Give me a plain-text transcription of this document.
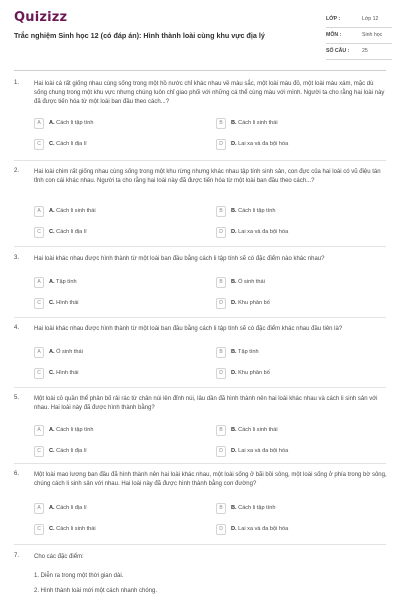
Quizizz
Trắc nghiệm Sinh học 12 (có đáp án): Hình thành loài cùng khu vực địa lý
LỚP :	Lớp 12
MÔN :	Sinh học
SỐ CÂU : 25
1. Hai loài cá rất giống nhau cùng sống trong một hồ nước chỉ khác nhau về màu sắc, một loài màu đỏ, một loài màu xám, mặc dù sống chung trong một khu vực nhưng chúng luôn chỉ giao phối với những cá thể cùng màu với mình. Người ta cho rằng hai loài này đã được tiến hóa từ một loài ban đầu theo cách...?
A	A. Cách li tập tính	B	B. Cách li sinh thái
C	C. Cách li địa lí	D	D. Lai xa và đa bội hóa
2. Hai loài chim rất giống nhau cùng sống trong một khu rừng nhưng khác nhau tập tính sinh sản, con đực của hai loài có vũ điệu tán tỉnh con cái khác nhau. Người ta cho rằng hai loài này đã được tiến hóa từ một loài ban đầu theo cách...?
A	A. Cách li sinh thái	B	B. Cách li tập tính
C	C. Cách li địa lí	D	D. Lai xa và đa bội hóa
3. Hai loài khác nhau được hình thành từ một loài ban đầu bằng cách li tập tính sẽ có đặc điểm nào khác nhau?
A	A. Tập tính	B	B. Ổ sinh thái
C	C. Hình thái	D	D. Khu phân bố
4. Hai loài khác nhau được hình thành từ một loài ban đầu bằng cách li tập tính sẽ có đặc điểm khác nhau đầu tiên là?
A	A. Ổ sinh thái	B	B. Tập tính
C	C. Hình thái	D	D. Khu phân bố
5. Một loài cỏ quần thể phân bố rải rác từ chân núi lên đỉnh núi, lâu dần đã hình thành nên hai loài khác nhau và cách li sinh sản với nhau. Hai loài này đã được hình thành bằng?
A	A. Cách li tập tính	B	B. Cách li sinh thái
C	C. Cách li địa lí	D	D. Lai xa và đa bội hóa
6. Một loài mao lương ban đầu đã hình thành nên hai loài khác nhau, một loài sống ở bãi bồi sông, một loài sống ở phía trong bờ sông, chúng cách li sinh sản với nhau. Hai loài này đã được hình thành bằng con đường?
A	A. Cách li địa lí	B	B. Cách li tập tính
C	C. Cách li sinh thái	D	D. Lai xa và đa bội hóa
7. Cho các đặc điểm:
1. Diễn ra trong một thời gian dài.
2. Hình thành loài mới một cách nhanh chóng.
